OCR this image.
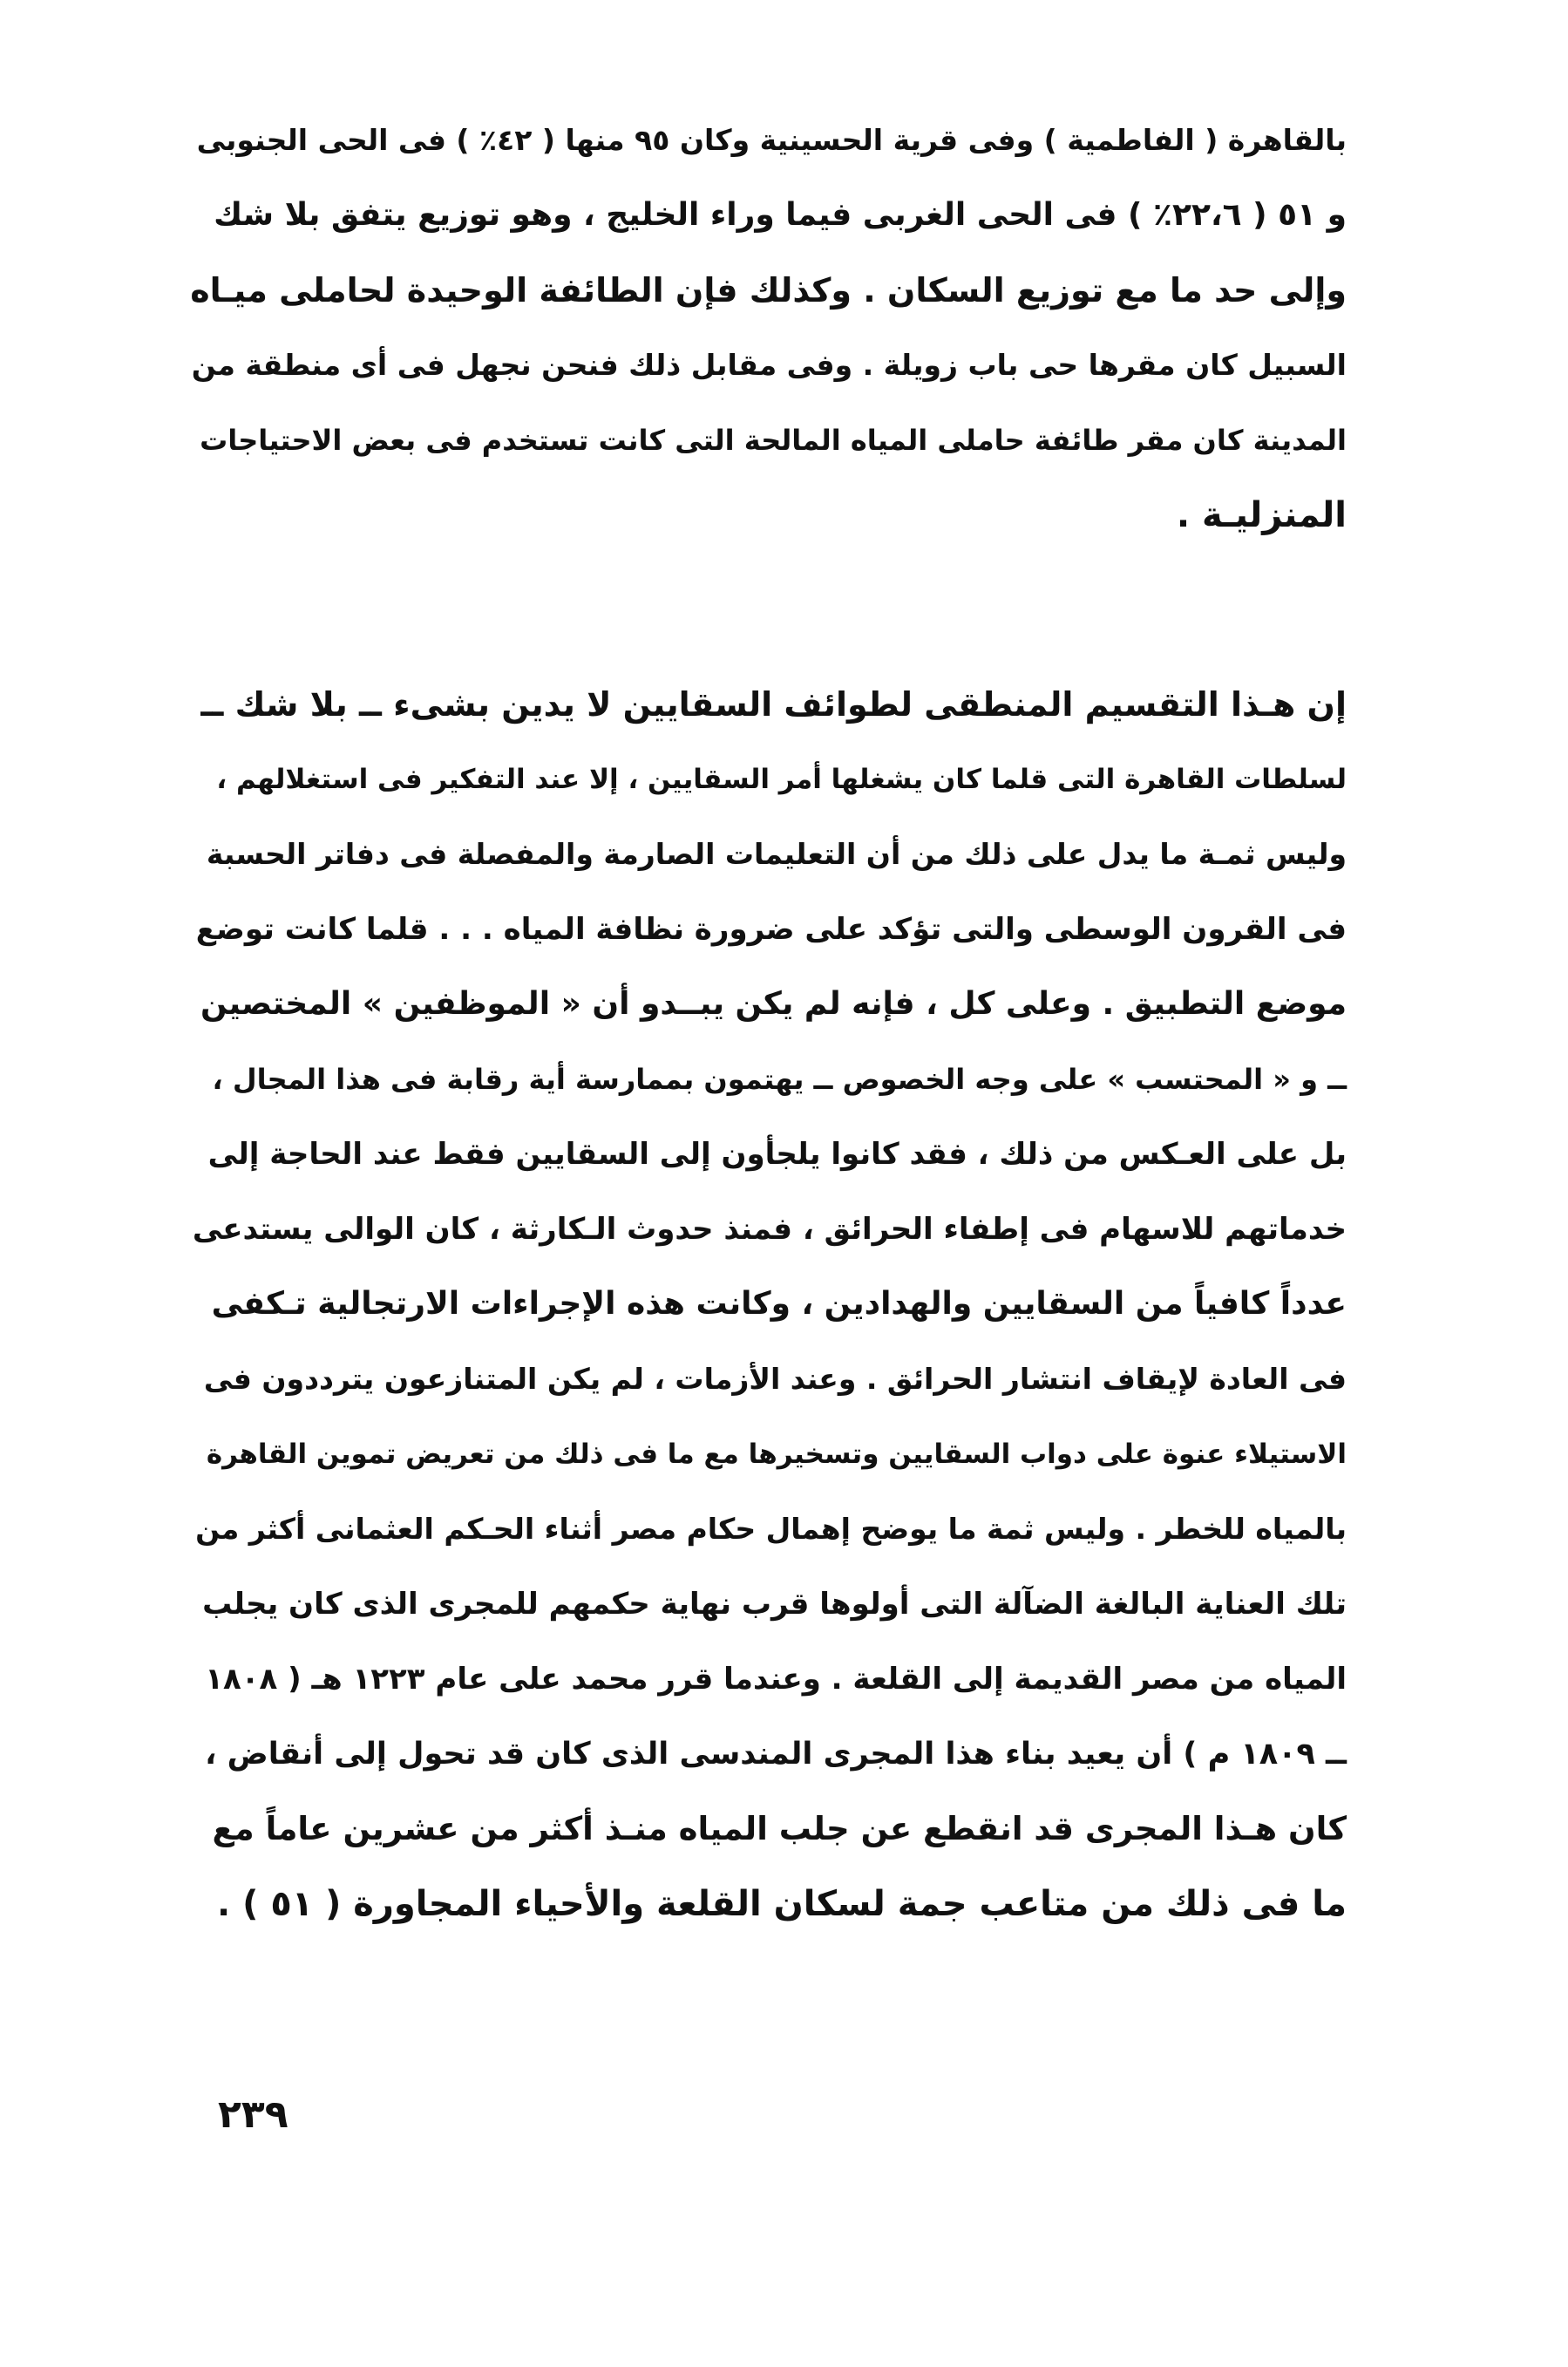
بالقاهرة ( الفاطمية ) وفى قرية الحسينية وكان ٩٥ منها ( ٤٢٪ ) فى الحى الجنوبى
و ٥١ ( ٢٢،٦٪ ) فى الحى الغربى فيما وراء الخليج ، وهو توزيع يتفق بلا شك
وإلى حد ما مع توزيع السكان . وكذلك فإن الطائفة الوحيدة لحاملى ميـاه
السبيل كان مقرها حى باب زويلة . وفى مقابل ذلك فنحن نجهل فى أى منطقة من
المدينة كان مقر طائفة حاملى المياه المالحة التى كانت تستخدم فى بعض الاحتياجات
المنزليـة .
إن هـذا التقسيم المنطقى لطوائف السقايين لا يدين بشىء ــ بلا شك ــ
لسلطات القاهرة التى قلما كان يشغلها أمر السقايين ، إلا عند التفكير فى استغلالهم ،
وليس ثمـة ما يدل على ذلك من أن التعليمات الصارمة والمفصلة فى دفاتر الحسبة
فى القرون الوسطى والتى تؤكد على ضرورة نظافة المياه . . . قلما كانت توضع
موضع التطبيق . وعلى كل ، فإنه لم يكن يبــدو أن « الموظفين » المختصين
ــ و « المحتسب » على وجه الخصوص ــ يهتمون بممارسة أية رقابة فى هذا المجال ،
بل على العـكس من ذلك ، فقد كانوا يلجأون إلى السقايين فقط عند الحاجة إلى
خدماتهم للاسهام فى إطفاء الحرائق ، فمنذ حدوث الـكارثة ، كان الوالى يستدعى
عدداً كافياً من السقايين والهدادين ، وكانت هذه الإجراءات الارتجالية تـكفى
فى العادة لإيقاف انتشار الحرائق . وعند الأزمات ، لم يكن المتنازعون يترددون فى
الاستيلاء عنوة على دواب السقايين وتسخيرها مع ما فى ذلك من تعريض تموين القاهرة
بالمياه للخطر . وليس ثمة ما يوضح إهمال حكام مصر أثناء الحـكم العثمانى أكثر من
تلك العناية البالغة الضآلة التى أولوها قرب نهاية حكمهم للمجرى الذى كان يجلب
المياه من مصر القديمة إلى القلعة . وعندما قرر محمد على عام ١٢٢٣ هـ ( ١٨٠٨
ــ ١٨٠٩ م ) أن يعيد بناء هذا المجرى المندسى الذى كان قد تحول إلى أنقاض ،
كان هـذا المجرى قد انقطع عن جلب المياه منـذ أكثر من عشرين عاماً مع
ما فى ذلك من متاعب جمة لسكان القلعة والأحياء المجاورة ( ٥١ ) .
٢٣٩
